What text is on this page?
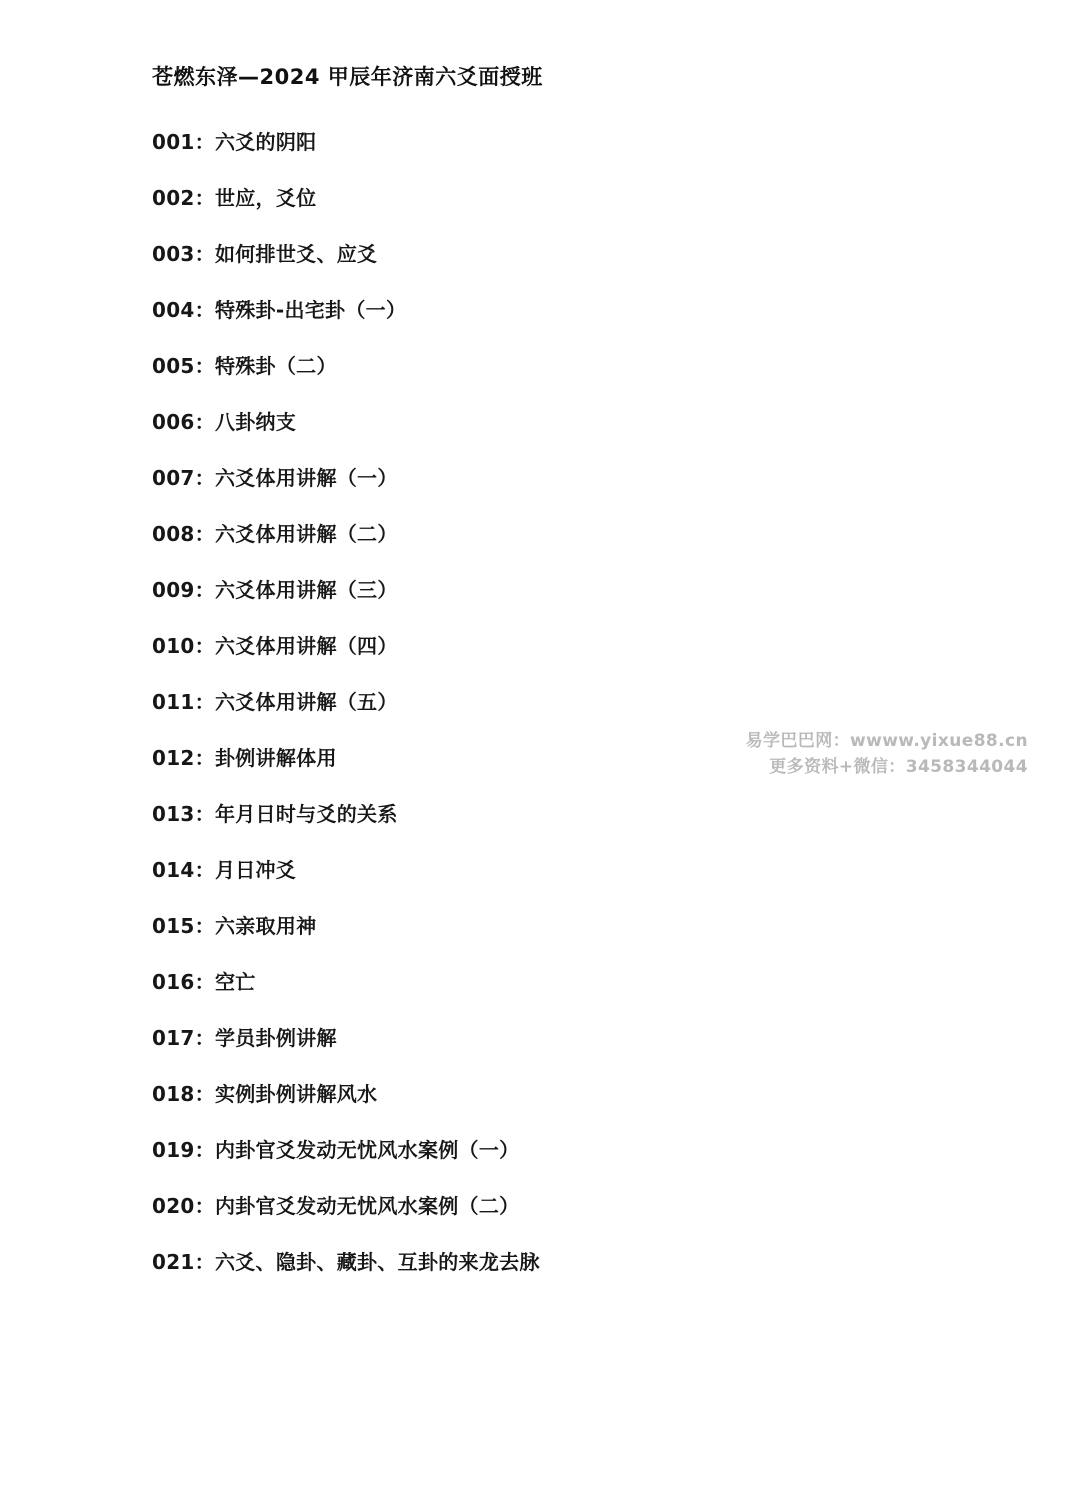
苍燃东泽—2024 甲辰年济南六爻面授班
001：六爻的阴阳
002：世应，爻位
003：如何排世爻、应爻
004：特殊卦-出宅卦（一）
005：特殊卦（二）
006：八卦纳支
007：六爻体用讲解（一）
008：六爻体用讲解（二）
009：六爻体用讲解（三）
010：六爻体用讲解（四）
011：六爻体用讲解（五）
012：卦例讲解体用
013：年月日时与爻的关系
014：月日冲爻
015：六亲取用神
016：空亡
017：学员卦例讲解
018：实例卦例讲解风水
019：内卦官爻发动无忧风水案例（一）
020：内卦官爻发动无忧风水案例（二）
021：六爻、隐卦、藏卦、互卦的来龙去脉
易学巴巴网：wwww.yixue88.cn
更多资料+微信：3458344044
